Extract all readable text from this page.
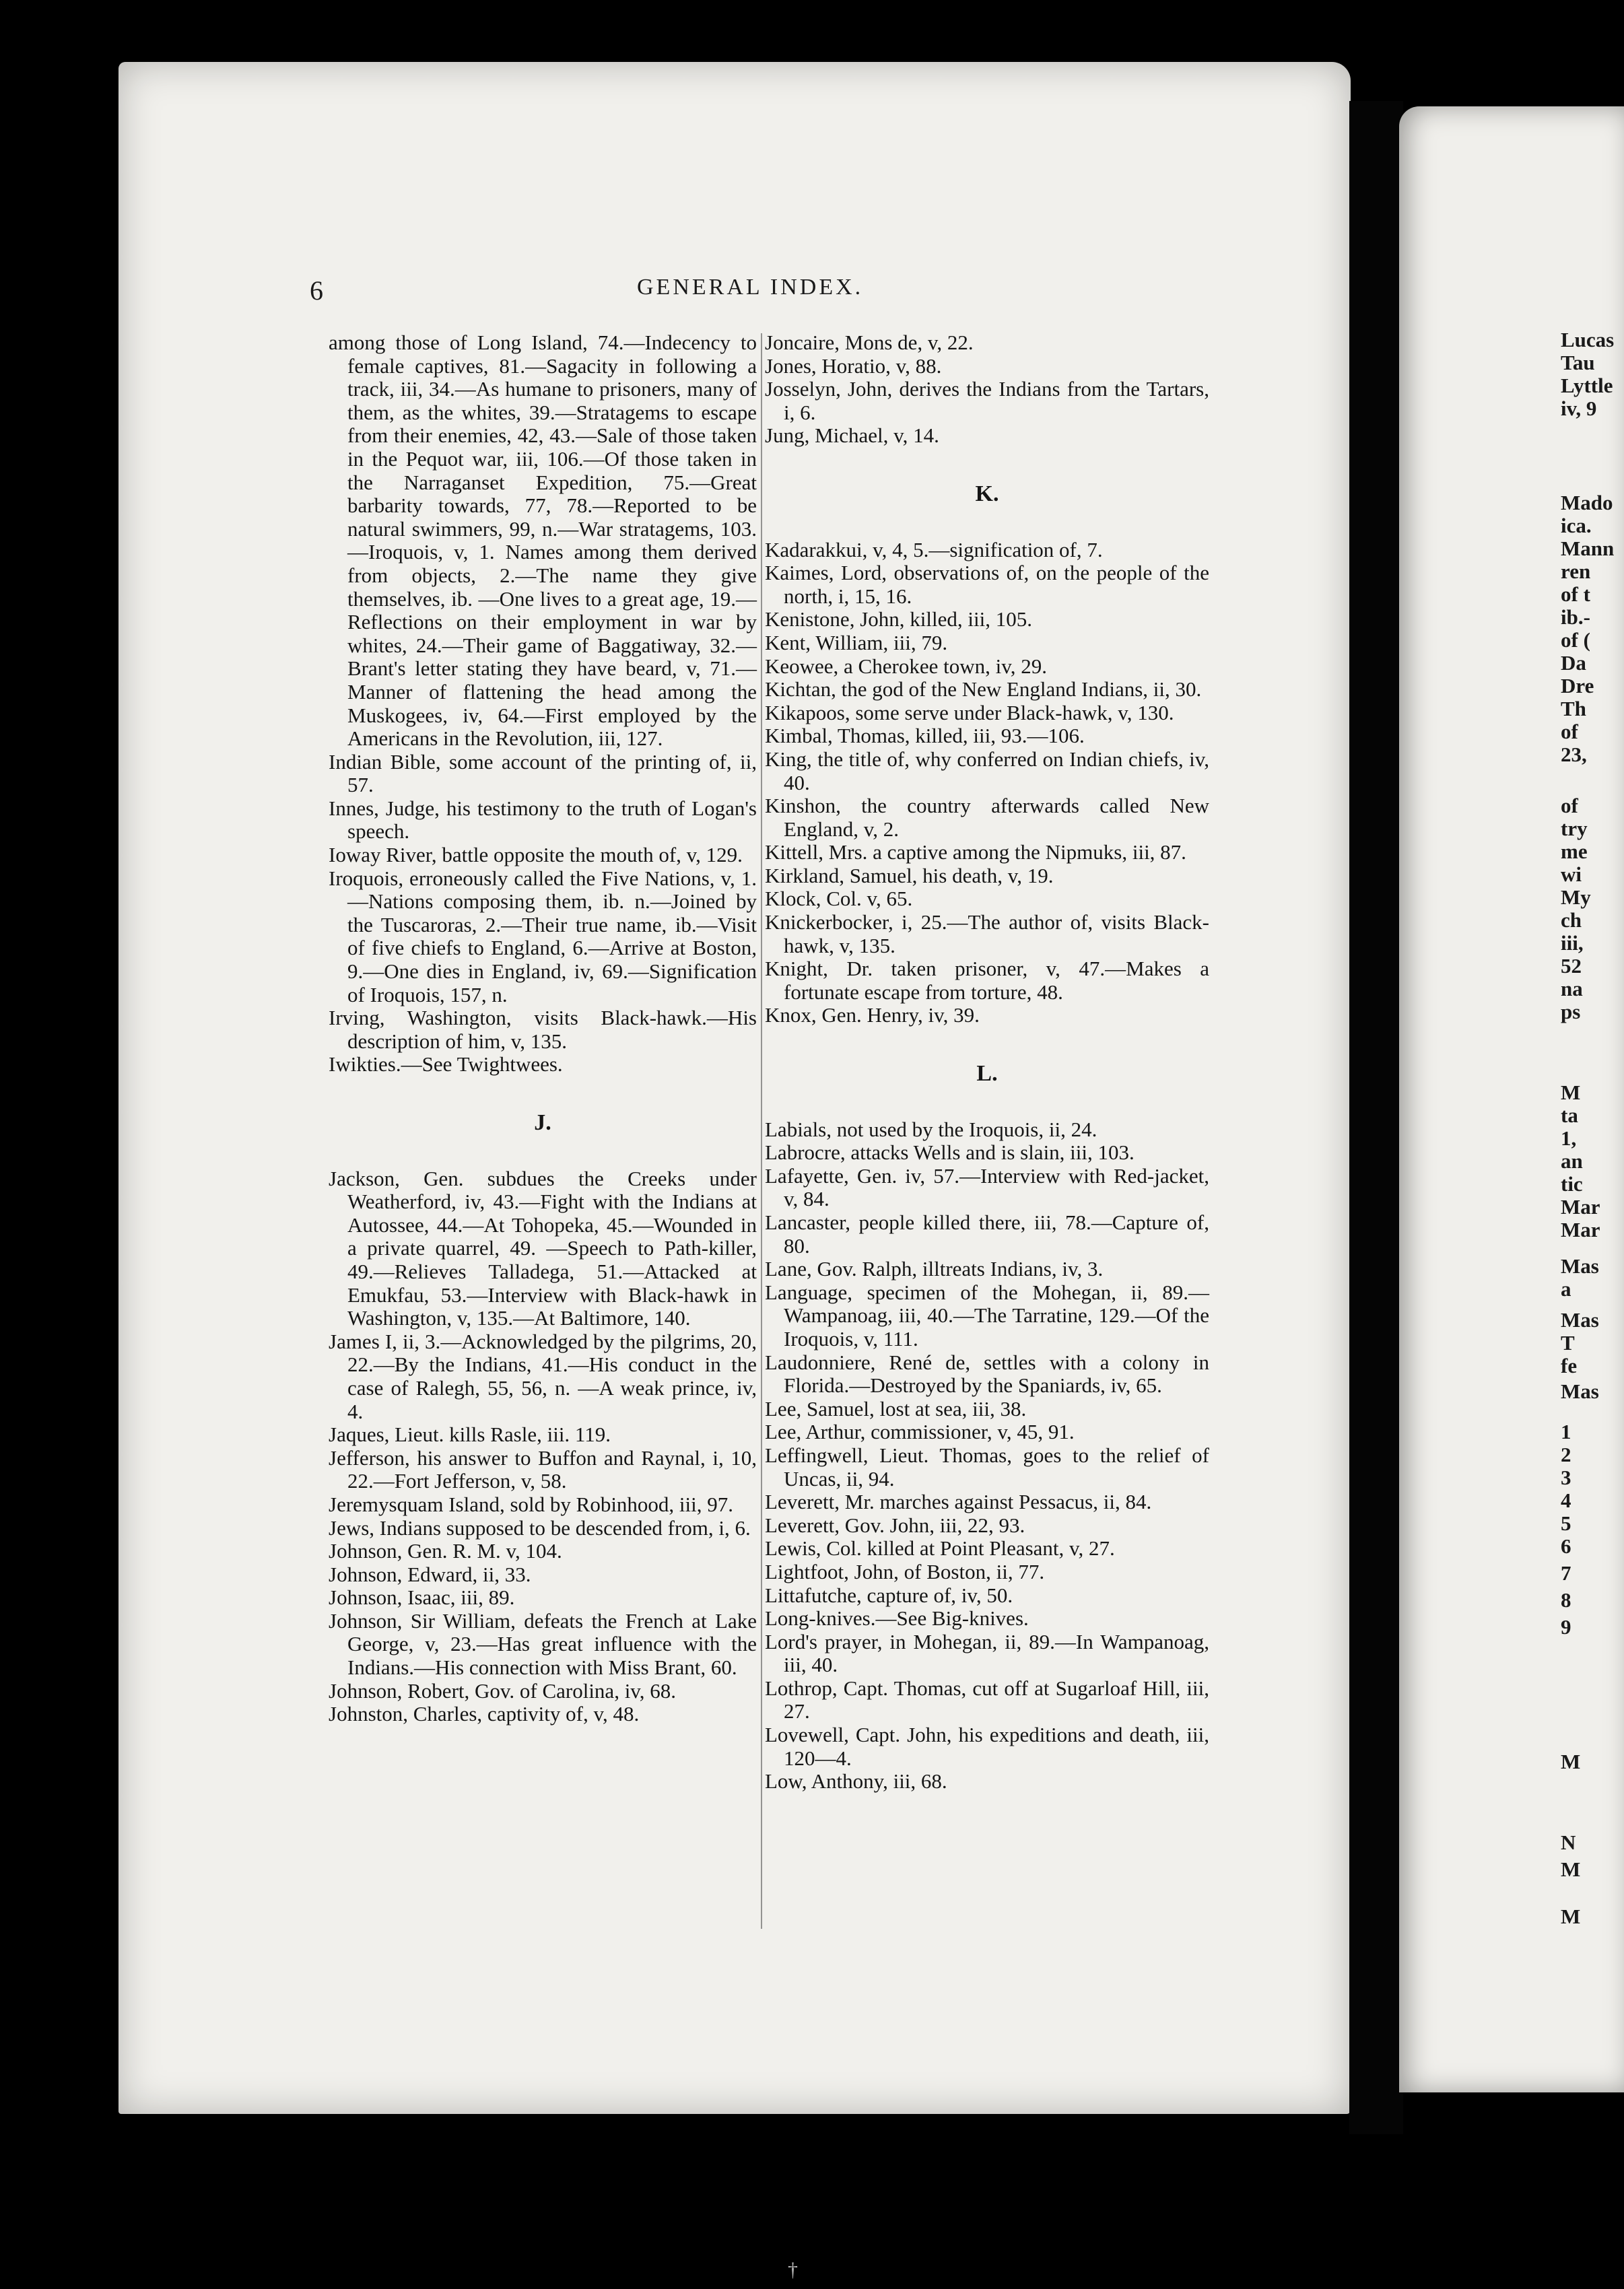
6	GENERAL INDEX.

among those of Long Island, 74.—Indecency to female captives, 81.—Sagacity in following a track, iii, 34.—As humane to prisoners, many of them, as the whites, 39.—Stratagems to escape from their enemies, 42, 43.—Sale of those taken in the Pequot war, iii, 106.—Of those taken in the Narraganset Expedition, 75.—Great barbarity towards, 77, 78.—Reported to be natural swimmers, 99, n.—War stratagems, 103.—Iroquois, v, 1. Names among them derived from objects, 2.—The name they give themselves, ib. —One lives to a great age, 19.—Reflections on their employment in war by whites, 24.—Their game of Baggatiway, 32.—Brant's letter stating they have beard, v, 71.—Manner of flattening the head among the Muskogees, iv, 64.—First employed by the Americans in the Revolution, iii, 127.

Indian Bible, some account of the printing of, ii, 57.

Innes, Judge, his testimony to the truth of Logan's speech.

Ioway River, battle opposite the mouth of, v, 129.

Iroquois, erroneously called the Five Nations, v, 1.—Nations composing them, ib. n.—Joined by the Tuscaroras, 2.—Their true name, ib.—Visit of five chiefs to England, 6.—Arrive at Boston, 9.—One dies in England, iv, 69.—Signification of Iroquois, 157, n.

Irving, Washington, visits Black-hawk.—His description of him, v, 135.

Iwikties.—See Twightwees.

J.

Jackson, Gen. subdues the Creeks under Weatherford, iv, 43.—Fight with the Indians at Autossee, 44.—At Tohopeka, 45.—Wounded in a private quarrel, 49. —Speech to Path-killer, 49.—Relieves Talladega, 51.—Attacked at Emukfau, 53.—Interview with Black-hawk in Washington, v, 135.—At Baltimore, 140.

James I, ii, 3.—Acknowledged by the pilgrims, 20, 22.—By the Indians, 41.—His conduct in the case of Ralegh, 55, 56, n. —A weak prince, iv, 4.

Jaques, Lieut. kills Rasle, iii. 119.

Jefferson, his answer to Buffon and Raynal, i, 10, 22.—Fort Jefferson, v, 58.

Jeremysquam Island, sold by Robinhood, iii, 97.

Jews, Indians supposed to be descended from, i, 6.

Johnson, Gen. R. M. v, 104.

Johnson, Edward, ii, 33.

Johnson, Isaac, iii, 89.

Johnson, Sir William, defeats the French at Lake George, v, 23.—Has great influence with the Indians.—His connection with Miss Brant, 60.

Johnson, Robert, Gov. of Carolina, iv, 68.

Johnston, Charles, captivity of, v, 48.

Joncaire, Mons de, v, 22.

Jones, Horatio, v, 88.

Josselyn, John, derives the Indians from the Tartars, i, 6.

Jung, Michael, v, 14.

K.

Kadarakkui, v, 4, 5.—signification of, 7.

Kaimes, Lord, observations of, on the people of the north, i, 15, 16.

Kenistone, John, killed, iii, 105.

Kent, William, iii, 79.

Keowee, a Cherokee town, iv, 29.

Kichtan, the god of the New England Indians, ii, 30.

Kikapoos, some serve under Black-hawk, v, 130.

Kimbal, Thomas, killed, iii, 93.—106.

King, the title of, why conferred on Indian chiefs, iv, 40.

Kinshon, the country afterwards called New England, v, 2.

Kittell, Mrs. a captive among the Nipmuks, iii, 87.

Kirkland, Samuel, his death, v, 19.

Klock, Col. v, 65.

Knickerbocker, i, 25.—The author of, visits Black-hawk, v, 135.

Knight, Dr. taken prisoner, v, 47.—Makes a fortunate escape from torture, 48.

Knox, Gen. Henry, iv, 39.

L.

Labials, not used by the Iroquois, ii, 24.

Labrocre, attacks Wells and is slain, iii, 103.

Lafayette, Gen. iv, 57.—Interview with Red-jacket, v, 84.

Lancaster, people killed there, iii, 78.—Capture of, 80.

Lane, Gov. Ralph, illtreats Indians, iv, 3.

Language, specimen of the Mohegan, ii, 89.—Wampanoag, iii, 40.—The Tarratine, 129.—Of the Iroquois, v, 111.

Laudonniere, René de, settles with a colony in Florida.—Destroyed by the Spaniards, iv, 65.

Lee, Samuel, lost at sea, iii, 38.

Lee, Arthur, commissioner, v, 45, 91.

Leffingwell, Lieut. Thomas, goes to the relief of Uncas, ii, 94.

Leverett, Mr. marches against Pessacus, ii, 84.

Leverett, Gov. John, iii, 22, 93.

Lewis, Col. killed at Point Pleasant, v, 27.

Lightfoot, John, of Boston, ii, 77.

Littafutche, capture of, iv, 50.

Long-knives.—See Big-knives.

Lord's prayer, in Mohegan, ii, 89.—In Wampanoag, iii, 40.

Lothrop, Capt. Thomas, cut off at Sugarloaf Hill, iii, 27.

Lovewell, Capt. John, his expeditions and death, iii, 120—4.

Low, Anthony, iii, 68.

Lucas
Tau
Lyttle
iv, 9
Mado
ica.
Mann
ren
of t
ib.-
of (
Da
Dre
Th
of
23,
of
try
me
wi
My
ch
iii,
52
na
ps
M
ta
1,
an
tic
Mar
Mar
Mas
a
Mas
T
fe
Mas
1
2
3
4
5
6
7
8
9
M
N
M
M
†
